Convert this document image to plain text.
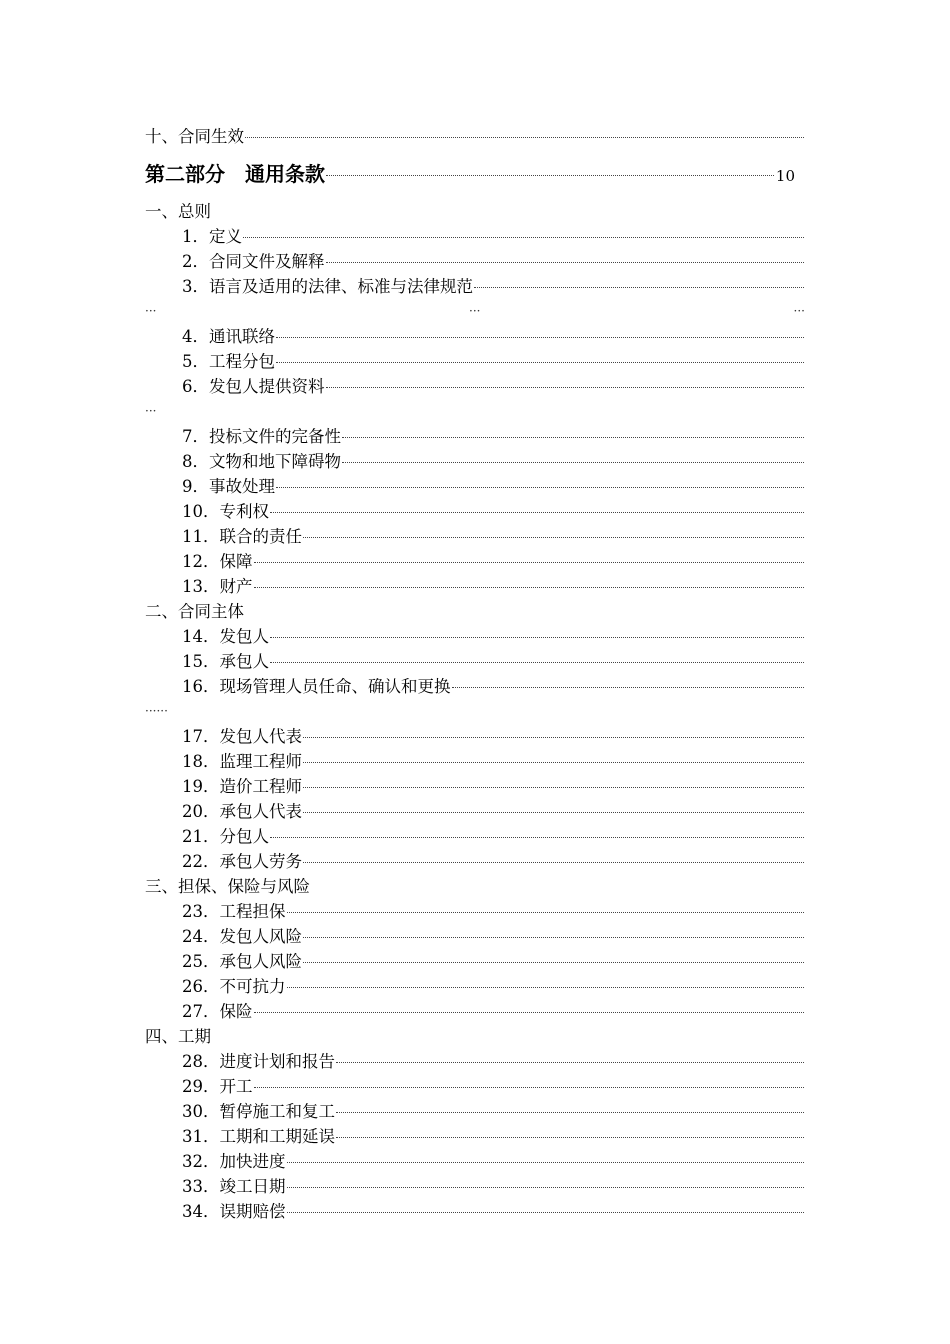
十、合同生效
第二部分　通用条款	10
一、总则
1．定义
2．合同文件及解释
3．语言及适用的法律、标准与法律规范
···	···	···
4．通讯联络
5．工程分包
6．发包人提供资料
···
7．投标文件的完备性
8．文物和地下障碍物
9．事故处理
10．专利权
11．联合的责任
12．保障
13．财产
二、合同主体
14．发包人
15．承包人
16．现场管理人员任命、确认和更换
······
17．发包人代表
18．监理工程师
19．造价工程师
20．承包人代表
21．分包人
22．承包人劳务
三、担保、保险与风险
23．工程担保
24．发包人风险
25．承包人风险
26．不可抗力
27．保险
四、工期
28．进度计划和报告
29．开工
30．暂停施工和复工
31．工期和工期延误
32．加快进度
33．竣工日期
34．误期赔偿
